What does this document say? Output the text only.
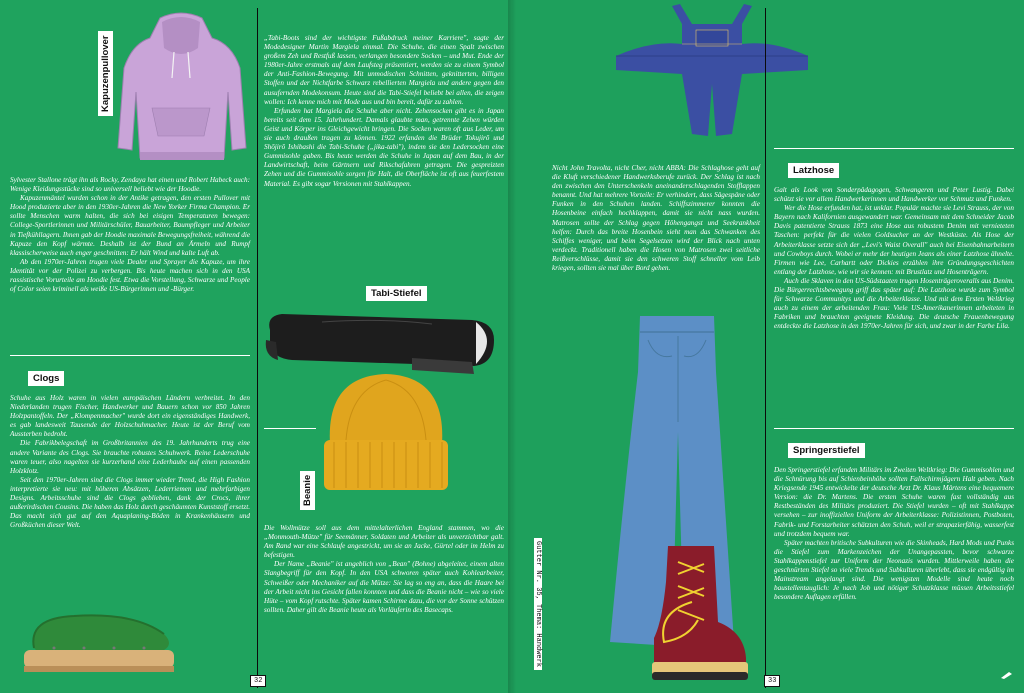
Kapuzenpullover

Sylvester Stallone trägt ihn als Rocky, Zendaya hat einen und Robert Habeck auch: Wenige Kleidungsstücke sind so universell beliebt wie der Hoodie.

Kapuzenmäntel wurden schon in der Antike getragen, den ersten Pullover mit Hood produzierte aber in den 1930er-Jahren die New Yorker Firma Champion. Er sollte Menschen warm halten, die sich bei eisigen Temperaturen bewegen: College-Sportlerinnen und Militärschüler, Bauarbeiter, Baumpfleger und Arbeiter in Tiefkühllagern. Ihnen gab der Hoodie maximale Bewegungsfreiheit, während die Kapuze den Kopf wärmte. Deshalb ist der Bund an Ärmeln und Rumpf klassischerweise auch enger geschnitten: Er hält Wind und kalte Luft ab.

Ab den 1970er-Jahren trugen viele Dealer und Sprayer die Kapuze, um ihre Identität vor der Polizei zu verbergen. Bis heute machen sich in den USA rassistische Vorurteile am Hoodie fest. Etwa die Vorstellung, Schwarze und People of Color seien kriminell als weiße US-Bürgerinnen und -Bürger.

Clogs

Schuhe aus Holz waren in vielen europäischen Ländern verbreitet. In den Niederlanden trugen Fischer, Handwerker und Bauern schon vor 850 Jahren Holzpantoffeln. Der „Klompenmacher" wurde dort ein eigenständiges Handwerk, es gab landesweit Tausende der Holzschuhmacher. Heute ist der Beruf vom Aussterben bedroht.

Die Fabrikbelegschaft im Großbritannien des 19. Jahrhunderts trug eine andere Variante des Clogs. Sie brauchte robustes Schuhwerk. Reine Lederschuhe waren teuer, also nagelten sie kurzerhand eine Lederhaube auf einen passenden Holzklotz.

Seit den 1970er-Jahren sind die Clogs immer wieder Trend, die High Fashion interpretierte sie neu: mit höheren Absätzen, Lederriemen und mehrfarbigen Designs. Arbeitsschuhe sind die Clogs geblieben, dank der Crocs, ihrer außerirdischen Cousins. Die haben das Holz durch geschäumten Kunststoff ersetzt. Das macht sich gut auf den Aquaplaning-Böden in Krankenhäusern und Großküchen dieser Welt.

„Tabi-Boots sind der wichtigste Fußabdruck meiner Karriere", sagte der Modedesigner Martin Margiela einmal. Die Schuhe, die einen Spalt zwischen großem Zeh und Restfuß lassen, verlangen besondere Socken – und Mut. Ende der 1980er-Jahre erstmals auf dem Laufsteg präsentiert, werden sie zu einem Symbol der Anti-Fashion-Bewegung. Mit unmodischen Schnitten, geknitterten, billigen Stoffen und der Nichtfarbe Schwarz rebellierten Margiela und andere gegen den ausufernden Modekonsum. Heute sind die Tabi-Stiefel beliebt bei allen, die zeigen wollen: Ich kenne mich mit Mode aus und bin bereit, dafür zu zahlen.

Erfunden hat Margiela die Schuhe aber nicht. Zehensocken gibt es in Japan bereits seit dem 15. Jahrhundert. Damals glaubte man, getrennte Zehen würden Geist und Körper ins Gleichgewicht bringen. Die Socken waren oft aus Leder, um sie auch draußen tragen zu können. 1922 erfanden die Brüder Tokujirō und Shōjirō Ishibashi die Tabi-Schuhe („jika-tabi"), indem sie den Ledersocken eine Gummisohle gaben. Bis heute werden die Schuhe in Japan auf dem Bau, in der Landwirtschaft, beim Gärtnern und Rikschafahren getragen. Die gespreizten Zehen und die Gummisohle sorgen für Halt, die Oberfläche ist oft aus feuerfestem Material. Es gibt sogar Versionen mit Stahlkappen.

Tabi-Stiefel
Beanie

Die Wollmütze soll aus dem mittelalterlichen England stammen, wo die „Monmouth-Mütze" für Seemänner, Soldaten und Arbeiter als unverzichtbar galt. Am Rand war eine Schlaufe angestrickt, um sie an Jacke, Gürtel oder im Helm zu befestigen.

Der Name „Beanie" ist angeblich von „Bean" (Bohne) abgeleitet, einem alten Slangbegriff für den Kopf. In den USA schworen später auch Kohlearbeiter, Schweißer oder Mechaniker auf die Mütze: Sie lag so eng an, dass die Haare bei der Arbeit nicht ins Gesicht fallen konnten und dass die Beanie nicht – wie so viele Hüte – vom Kopf rutschte. Später kamen Schirme dazu, die vor der Sonne schützen sollten. Daher gilt die Beanie heute als Vorläuferin des Basecaps.

32
Latzhose

Nicht John Travolta, nicht Cher, nicht ABBA: Die Schlaghose geht auf die Kluft verschiedener Handwerksberufe zurück. Der Schlag ist nach den zwischen den Unterschenkeln aneinanderschlagenden Stofflappen benannt. Und hat mehrere Vorteile: Er verhindert, dass Sägespäne oder Funken in den Schuhen landen. Schiffszimmerer konnten die Hosenbeine einfach hochklappen, damit sie nicht nass wurden. Matrosen sollte der Schlag gegen Höhengangst und Seekrankheit helfen: Durch das breite Hosenbein sieht man das Schwanken des Schiffes weniger, und beim Segelsetzen wird der Blick nach unten verdeckt. Traditionell haben die Hosen von Matrosen zwei seitliche Reißverschlüsse, damit sie den schweren Stoff schneller vom Leib kriegen, sollten sie mal über Bord gehen.

Galt als Look von Sonderpädagogen, Schwangeren und Peter Lustig. Dabei schützt sie vor allem Handwerkerinnen und Handwerker vor Schmutz und Funken.

Wer die Hose erfunden hat, ist unklar. Populär machte sie Levi Strauss, der von Bayern nach Kalifornien ausgewandert war. Gemeinsam mit dem Schneider Jacob Davis patentierte Strauss 1873 eine Hose aus robustem Denim mit vernieteten Taschen: perfekt für die vielen Goldsucher an der Westküste. Als Hose der Arbeiterklasse setzte sich der „Levi's Waist Overall" auch bei Eisenbahnarbeitern und Cowboys durch. Wobei er mehr der heutigen Jeans als einer Latzhose ähnelte. Firmen wie Lee, Carhartt oder Dickies erzählen ihre Gründungsgeschichten entlang der Latzhose, wie wir sie kennen: mit Brustlatz und Hosenträgern.

Auch die Sklaven in den US-Südstaaten trugen Hosenträgeroveralls aus Denim. Die Bürgerrechtsbewegung griff das später auf: Die Latzhose wurde zum Symbol für Schwarze Communitys und die Arbeiterklasse. Und mit dem Ersten Weltkrieg auch zu einem der arbeitenden Frau: Viele US-Amerikanerinnen arbeiteten in Fabriken und brauchten geeignete Kleidung. Die deutsche Frauenbewegung entdeckte die Latzhose in den 1970er-Jahren für sich, und zwar in der Farbe Lila.

Springerstiefel

Den Springerstiefel erfanden Militärs im Zweiten Weltkrieg: Die Gummisohlen und die Schnürung bis auf Schienbeinhöhe sollten Fallschirmjägern Halt geben. Nach Kriegsende 1945 entwickelte der deutsche Arzt Dr. Klaus Märtens eine bequemere Version: die Dr. Martens. Die ersten Schuhe waren fast vollständig aus Restbeständen des Militärs produziert. Die Stiefel wurden – oft mit Stahlkappe versehen – zur inoffiziellen Uniform der Arbeiterklasse: Polizistinnen, Postboten, Fabrik- und Forstarbeiter schätzten den Schuh, weil er strapazierfähig, wasserfest und trotzdem bequem war.

Später machten britische Subkulturen wie die Skinheads, Hard Mods und Punks die Stiefel zum Markenzeichen der Unangepassten, bevor schwarze Stahlkappenstiefel zur Uniform der Neonazis wurden. Mittlerweile haben die geschnürten Stiefel so viele Trends und Subkulturen überlebt, dass sie endgültig im Mainstream angelangt sind. Die wenigsten Modelle sind heute noch baustellentauglich: Je nach Job und nötiger Schutzklasse müssen Arbeitsstiefel besondere Auflagen erfüllen.

Gutter Nr. 35, Thema: Handwerk
33
